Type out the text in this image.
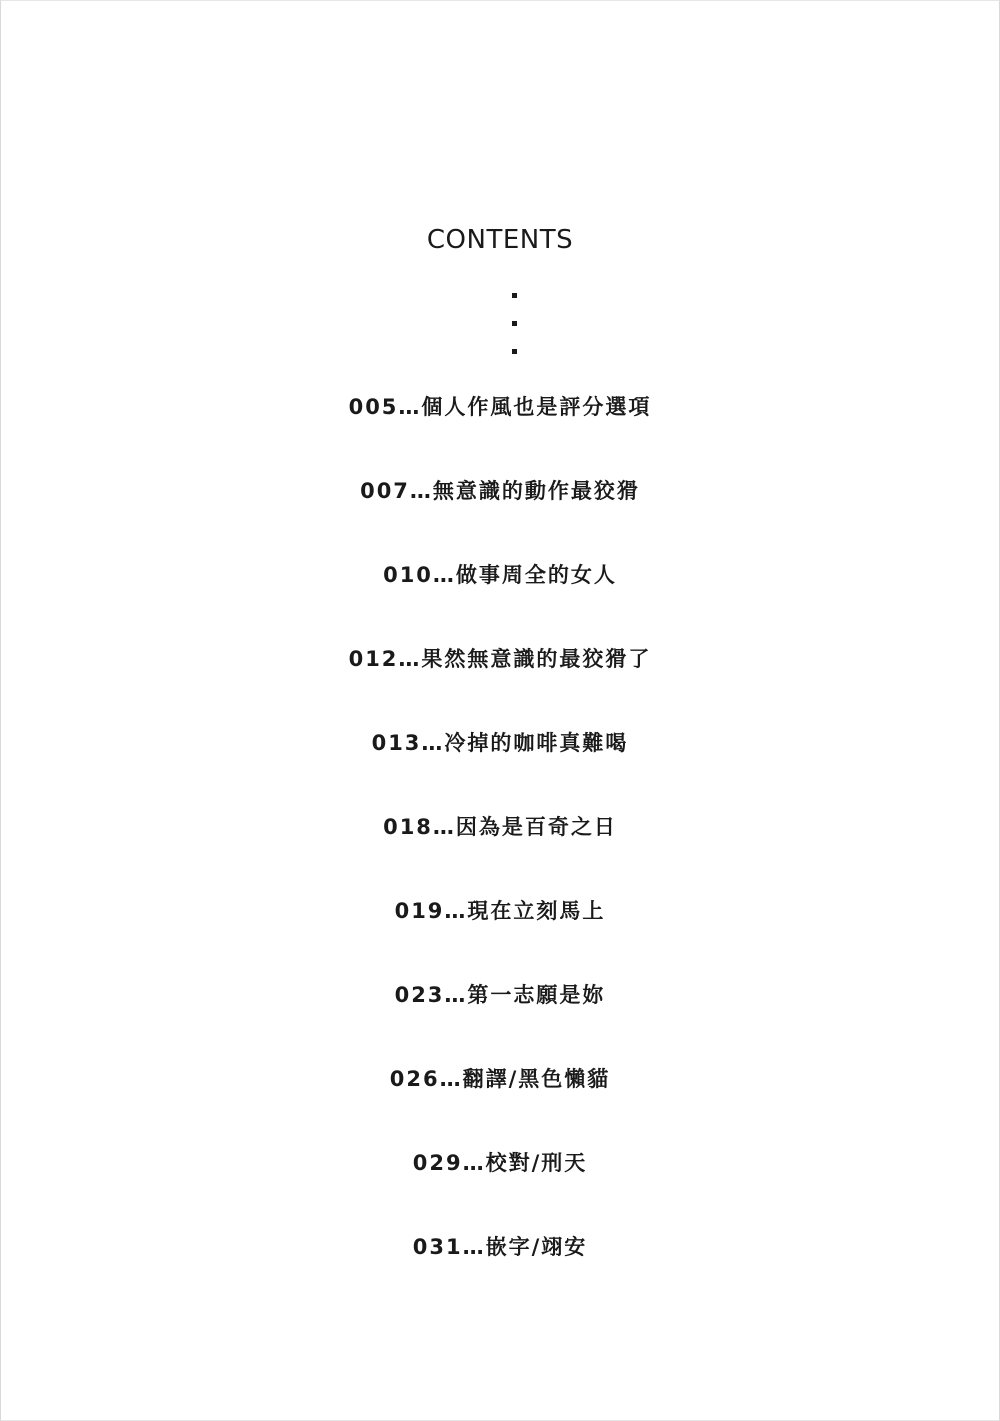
CONTENTS
005…個人作風也是評分選項
007…無意識的動作最狡猾
010…做事周全的女人
012…果然無意識的最狡猾了
013…冷掉的咖啡真難喝
018…因為是百奇之日
019…現在立刻馬上
023…第一志願是妳
026…翻譯/黑色懶貓
029…校對/刑天
031…嵌字/翊安
